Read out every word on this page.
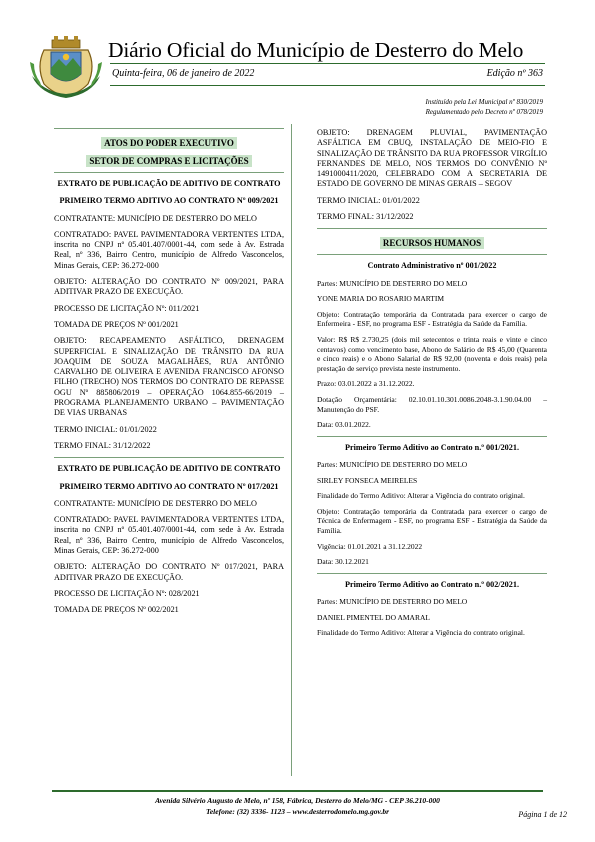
Diário Oficial do Município de Desterro do Melo
Quinta-feira, 06 de janeiro de 2022	Edição nº 363
Instituído pela Lei Municipal nº 830/2019
Regulamentado pelo Decreto nº 078/2019
ATOS DO PODER EXECUTIVO
SETOR DE COMPRAS E LICITAÇÕES
EXTRATO DE PUBLICAÇÃO DE ADITIVO DE CONTRATO
PRIMEIRO TERMO ADITIVO AO CONTRATO Nº 009/2021
CONTRATANTE: MUNICÍPIO DE DESTERRO DO MELO
CONTRATADO: PAVEL PAVIMENTADORA VERTENTES LTDA, inscrita no CNPJ nº 05.401.407/0001-44, com sede à Av. Estrada Real, nº 336, Bairro Centro, município de Alfredo Vasconcelos, Minas Gerais, CEP: 36.272-000
OBJETO: ALTERAÇÃO DO CONTRATO Nº 009/2021, PARA ADITIVAR PRAZO DE EXECUÇÃO.
PROCESSO DE LICITAÇÃO Nº: 011/2021
TOMADA DE PREÇOS Nº 001/2021
OBJETO: RECAPEAMENTO ASFÁLTICO, DRENAGEM SUPERFICIAL E SINALIZAÇÃO DE TRÂNSITO DA RUA JOAQUIM DE SOUZA MAGALHÃES, RUA ANTÔNIO CARVALHO DE OLIVEIRA E AVENIDA FRANCISCO AFONSO FILHO (TRECHO) NOS TERMOS DO CONTRATO DE REPASSE OGU Nº 885806/2019 – OPERAÇÃO 1064.855-66/2019 – PROGRAMA PLANEJAMENTO URBANO – PAVIMENTAÇÃO DE VIAS URBANAS
TERMO INICIAL: 01/01/2022
TERMO FINAL: 31/12/2022
EXTRATO DE PUBLICAÇÃO DE ADITIVO DE CONTRATO
PRIMEIRO TERMO ADITIVO AO CONTRATO Nº 017/2021
CONTRATANTE: MUNICÍPIO DE DESTERRO DO MELO
CONTRATADO: PAVEL PAVIMENTADORA VERTENTES LTDA, inscrita no CNPJ nº 05.401.407/0001-44, com sede à Av. Estrada Real, nº 336, Bairro Centro, município de Alfredo Vasconcelos, Minas Gerais, CEP: 36.272-000
OBJETO: ALTERAÇÃO DO CONTRATO Nº 017/2021, PARA ADITIVAR PRAZO DE EXECUÇÃO.
PROCESSO DE LICITAÇÃO Nº: 028/2021
TOMADA DE PREÇOS Nº 002/2021
OBJETO: DRENAGEM PLUVIAL, PAVIMENTAÇÃO ASFÁLTICA EM CBUQ, INSTALAÇÃO DE MEIO-FIO E SINALIZAÇÃO DE TRÂNSITO DA RUA PROFESSOR VIRGÍLIO FERNANDES DE MELO, NOS TERMOS DO CONVÊNIO Nº 1491000411/2020, CELEBRADO COM A SECRETARIA DE ESTADO DE GOVERNO DE MINAS GERAIS – SEGOV
TERMO INICIAL: 01/01/2022
TERMO FINAL: 31/12/2022
RECURSOS HUMANOS
Contrato Administrativo nº 001/2022
Partes: MUNICÍPIO DE DESTERRO DO MELO
YONE MARIA DO ROSARIO MARTIM
Objeto: Contratação temporária da Contratada para exercer o cargo de Enfermeira - ESF, no programa ESF - Estratégia da Saúde da Família.
Valor: R$ R$ 2.730,25 (dois mil setecentos e trinta reais e vinte e cinco centavos) como vencimento base, Abono de Salário de R$ 45,00 (Quarenta e cinco reais) e o Abono Salarial de R$ 92,00 (noventa e dois reais) pela prestação de serviço prevista neste instrumento.
Prazo: 03.01.2022 a 31.12.2022.
Dotação Orçamentária: 02.10.01.10.301.0086.2048-3.1.90.04.00 – Manutenção do PSF.
Data: 03.01.2022.
Primeiro Termo Aditivo ao Contrato n.º 001/2021.
Partes: MUNICÍPIO DE DESTERRO DO MELO
SIRLEY FONSECA MEIRELES
Finalidade do Termo Aditivo: Alterar a Vigência do contrato original.
Objeto: Contratação temporária da Contratada para exercer o cargo de Técnica de Enfermagem - ESF, no programa ESF - Estratégia da Saúde da Família.
Vigência: 01.01.2021 a 31.12.2022
Data: 30.12.2021
Primeiro Termo Aditivo ao Contrato n.º 002/2021.
Partes: MUNICÍPIO DE DESTERRO DO MELO
DANIEL PIMENTEL DO AMARAL
Finalidade do Termo Aditivo: Alterar a Vigência do contrato original.
Avenida Silvério Augusto de Melo, nº 158, Fábrica, Desterro do Melo/MG - CEP 36.210-000
Telefone: (32) 3336- 1123 – www.desterrodomelo.mg.gov.br	Página 1 de 12
